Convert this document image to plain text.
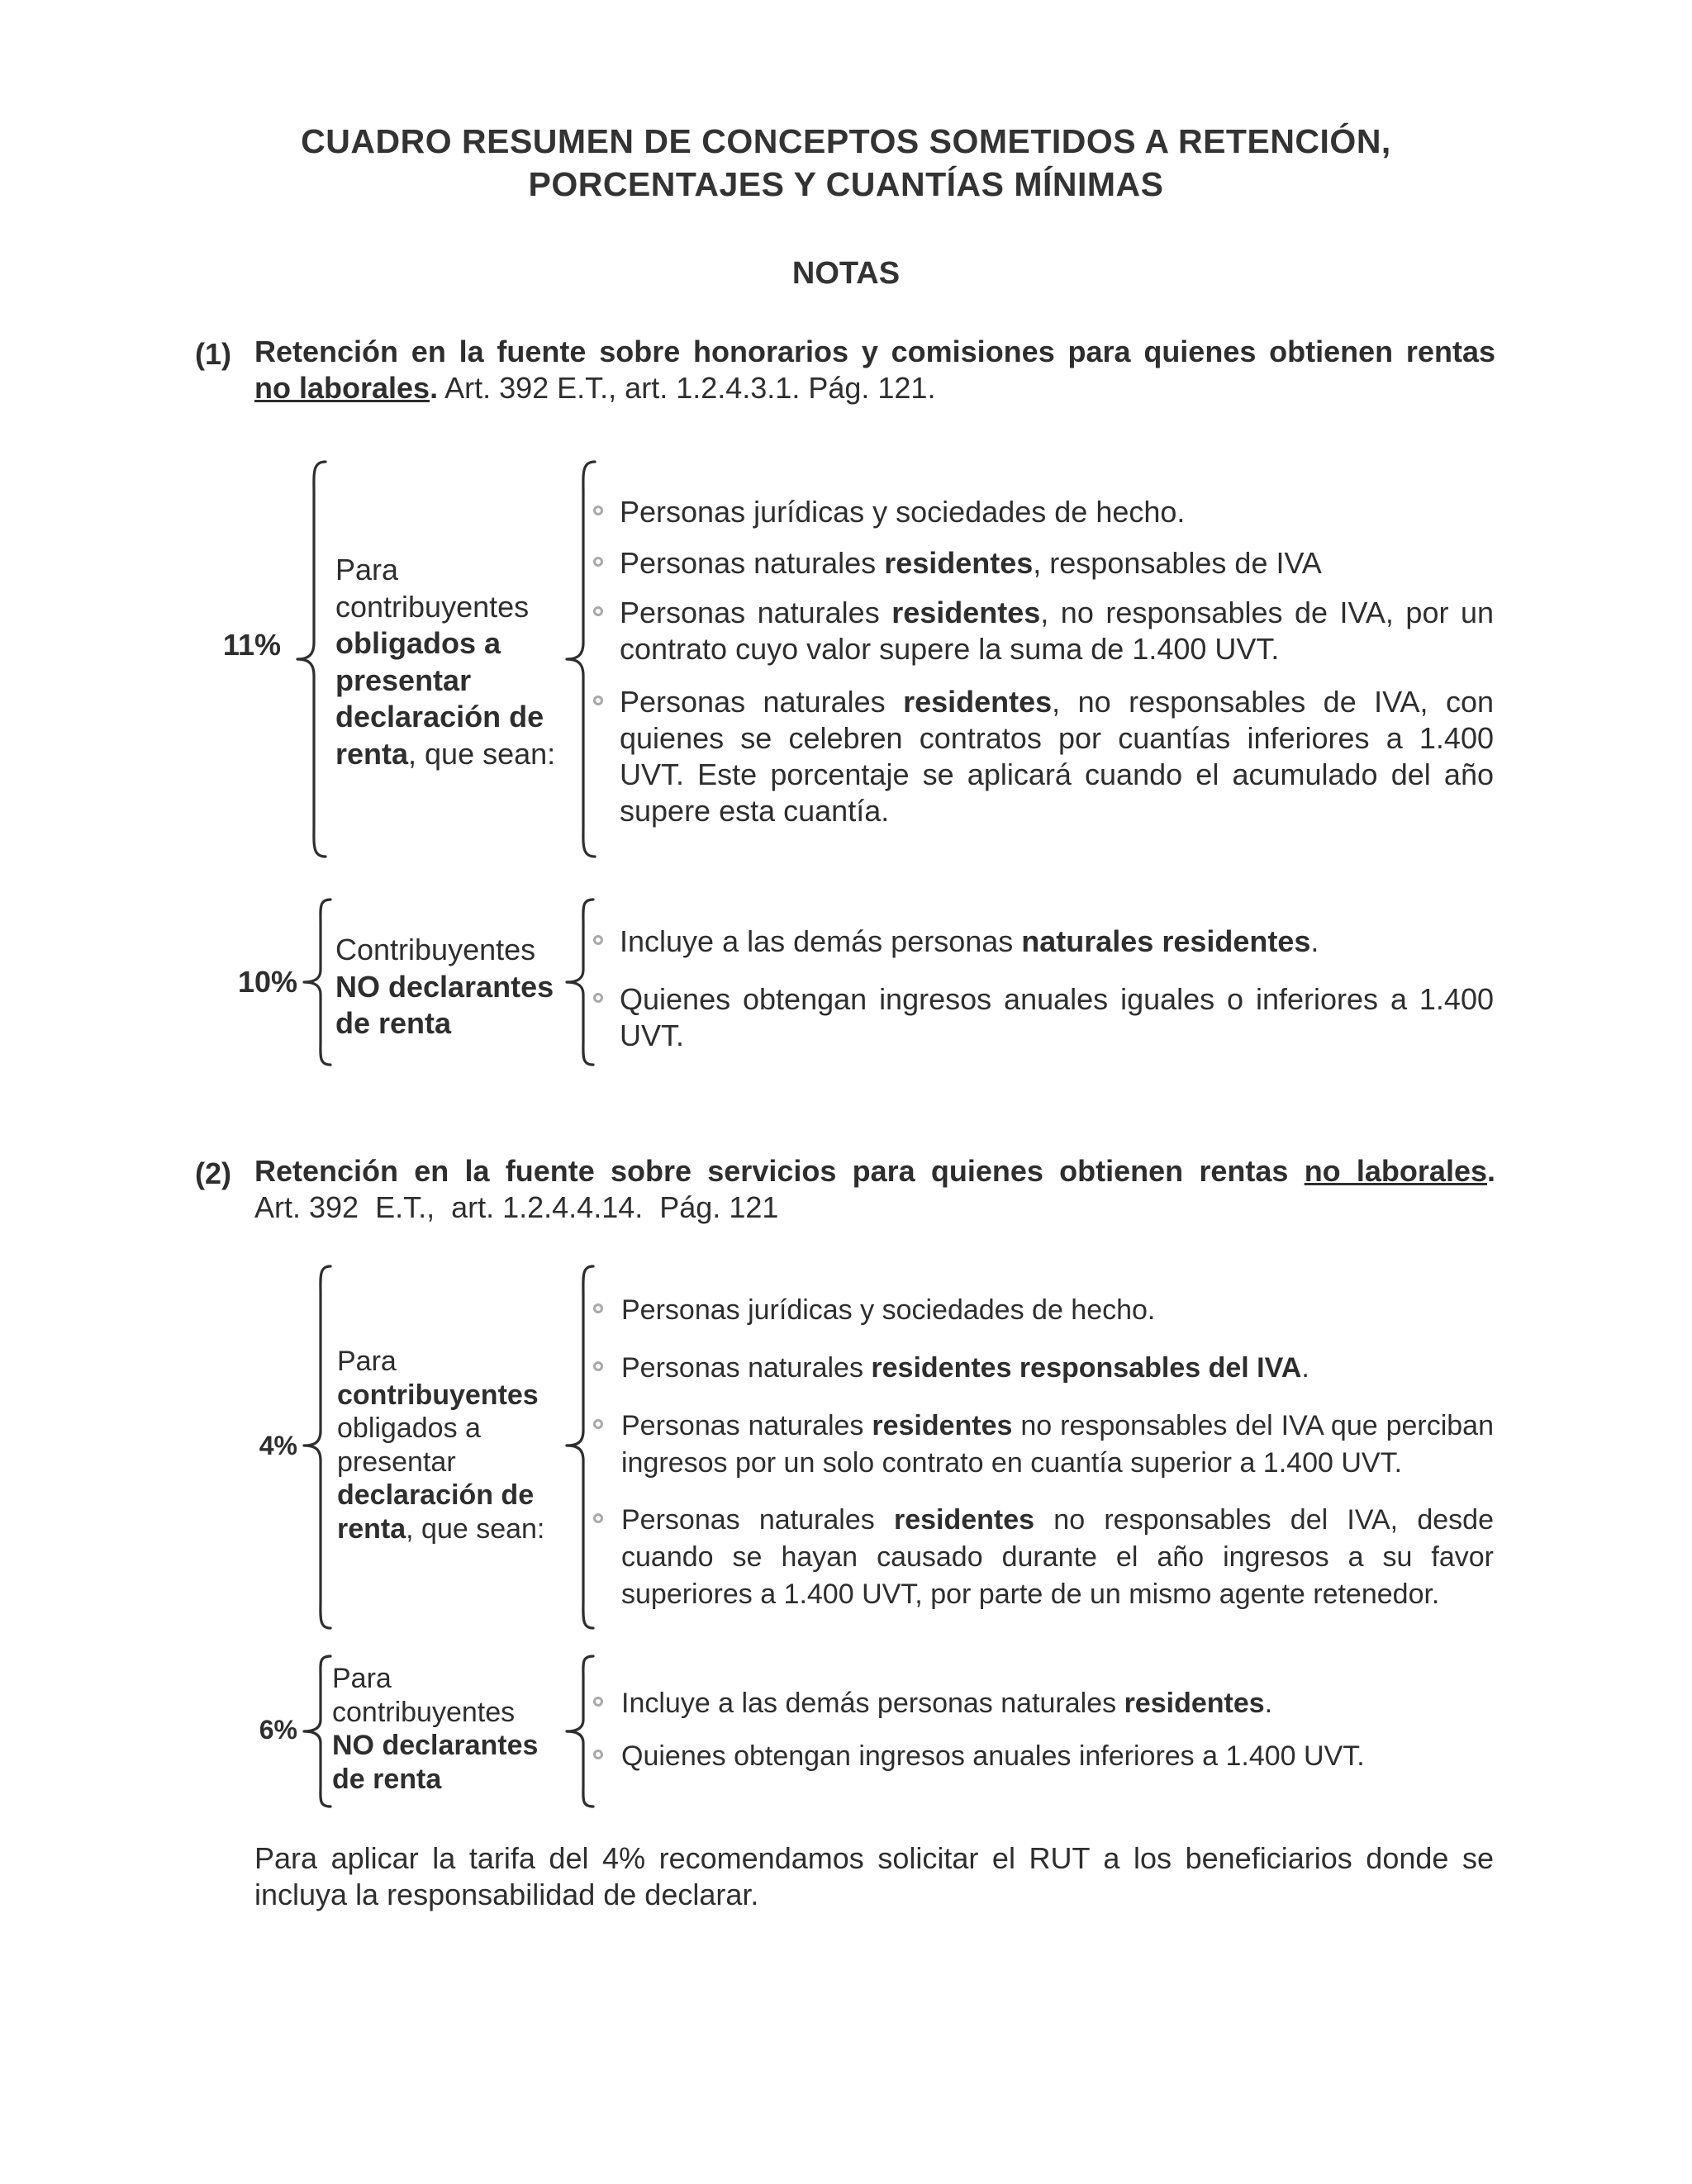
CUADRO RESUMEN DE CONCEPTOS SOMETIDOS A RETENCIÓN,
PORCENTAJES Y CUANTÍAS MÍNIMAS
NOTAS
(1) Retención en la fuente sobre honorarios y comisiones para quienes obtienen rentas
no laborales. Art. 392 E.T., art. 1.2.4.3.1. Pág. 121.
11%
Para
contribuyentes
obligados a
presentar
declaración de
renta, que sean:
Personas jurídicas y sociedades de hecho.
Personas naturales residentes, responsables de IVA
Personas naturales residentes, no responsables de IVA, por un contrato cuyo valor supere la suma de 1.400 UVT.
Personas naturales residentes, no responsables de IVA, con quienes se celebren contratos por cuantías inferiores a 1.400 UVT. Este porcentaje se aplicará cuando el acumulado del año supere esta cuantía.
10%
Contribuyentes
NO declarantes
de renta
Incluye a las demás personas naturales residentes.
Quienes obtengan ingresos anuales iguales o inferiores a 1.400 UVT.
(2) Retención en la fuente sobre servicios para quienes obtienen rentas no laborales.
Art. 392  E.T.,  art. 1.2.4.4.14.  Pág. 121
4%
Para
contribuyentes
obligados a
presentar
declaración de
renta, que sean:
Personas jurídicas y sociedades de hecho.
Personas naturales residentes responsables del IVA.
Personas naturales residentes no responsables del IVA que perciban ingresos por un solo contrato en cuantía superior a 1.400 UVT.
Personas naturales residentes no responsables del IVA, desde cuando se hayan causado durante el año ingresos a su favor superiores a 1.400 UVT, por parte de un mismo agente retenedor.
6%
Para
contribuyentes
NO declarantes
de renta
Incluye a las demás personas naturales residentes.
Quienes obtengan ingresos anuales inferiores a 1.400 UVT.
Para aplicar la tarifa del 4% recomendamos solicitar el RUT a los beneficiarios donde se incluya la responsabilidad de declarar.
